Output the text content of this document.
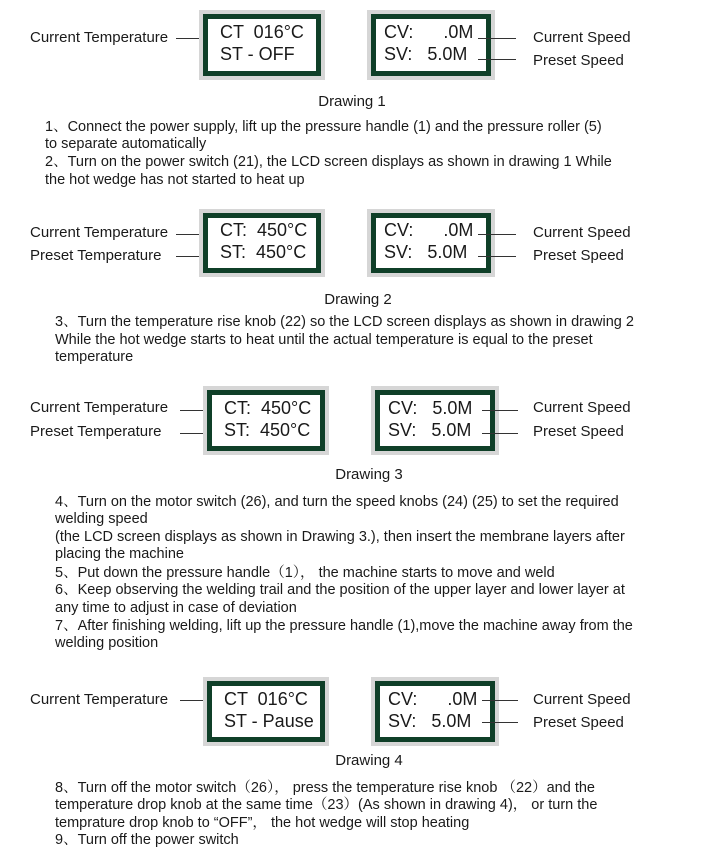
Current Temperature

	CT  016°C

ST - OFF

CV:      .0M

SV:   5.0M

Current Speed
Preset Speed
Drawing 1
1、Connect the power supply, lift up the pressure handle (1) and the pressure roller (5)
to separate automatically
2、Turn on the power switch (21), the LCD screen displays as shown in drawing 1 While
the hot wedge has not started to heat up
Current Temperature
Preset Temperature

CT:  450°C

ST:  450°C

CV:      .0M

SV:   5.0M

Current Speed
Preset Speed
Drawing 2
3、Turn the temperature rise knob (22) so the LCD screen displays as shown in drawing 2
While the hot wedge starts to heat until the actual temperature is equal to the preset
temperature
Current Temperature
Preset Temperature

CT:  450°C

ST:  450°C

CV:   5.0M

SV:   5.0M

Current Speed
Preset Speed
Drawing 3
4、Turn on the motor switch (26), and turn the speed knobs (24) (25) to set the required
welding speed
(the LCD screen displays as shown in Drawing 3.), then insert the membrane layers after
placing the machine
5、Put down the pressure handle（1）， the machine starts to move and weld
6、Keep observing the welding trail and the position of the upper layer and lower layer at
any time to adjust in case of deviation
7、After finishing welding, lift up the pressure handle (1),move the machine away from the
welding position
Current Temperature

	CT  016°C

ST - Pause

CV:      .0M

SV:   5.0M

Current Speed
Preset Speed
Drawing 4
8、Turn off the motor switch（26）， press the temperature rise knob （22）and the
temperature drop knob at the same time（23）(As shown in drawing 4)， or turn the
temprature drop knob to “OFF”， the hot wedge will stop heating
9、Turn off the power switch
